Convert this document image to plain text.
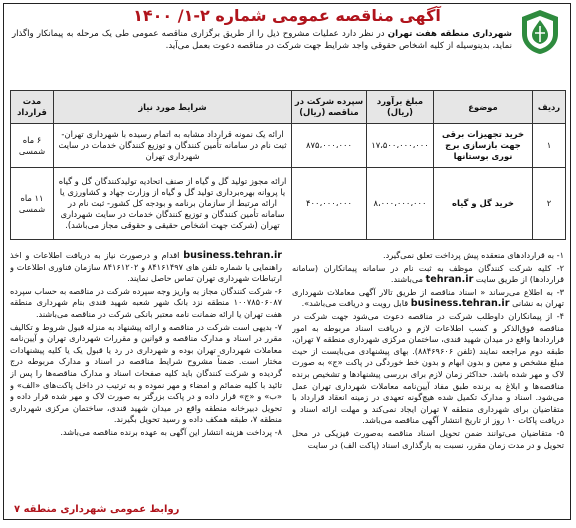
آگهی مناقصه عمومی شماره ۲-۱/ ۱۴۰۰
شهرداری منطقه هفت تهران در نظر دارد عملیات مشروح ذیل را از طریق برگزاری مناقصه عمومی طی یک مرحله به پیمانکار واگذار نماید، بدینوسیله از کلیه اشخاص حقوقی واجد شرایط جهت شرکت در مناقصه دعوت بعمل می‌آید.
ردیف	موضوع	مبلغ برآورد (ریال)	سپرده شرکت در مناقصه (ریال)	شرایط مورد نیاز	مدت قرارداد
۱	خرید تجهیزات برقی جهت بازسازی برج نوری بوستانها	۱۷،۵۰۰،۰۰۰،۰۰۰	۸۷۵،۰۰۰،۰۰۰	ارائه یک نمونه قرارداد مشابه به اتمام رسیده با شهرداری تهران- ثبت نام در سامانه تأمین کنندگان و توزیع کنندگان خدمات در سایت شهرداری تهران	۶ ماه شمسی
۲	خرید گل و گیاه	۸،۰۰۰،۰۰۰،۰۰۰	۴۰۰،۰۰۰،۰۰۰	ارائه مجوز تولید گل و گیاه از صنف اتحادیه تولیدکنندگان گل و گیاه یا پروانه بهره‌برداری تولید گل و گیاه از وزارت جهاد و کشاورزی یا ارائه مرتبط از سازمان برنامه و بودجه کل کشور- ثبت نام در سامانه تأمین کنندگان و توزیع کنندگان خدمات در سایت شهرداری تهران (شرکت جهت اشخاص حقیقی و حقوقی مجاز می‌باشد).	۱۱ ماه شمسی

۱- به قراردادهای منعقده پیش پرداخت تعلق نمی‌گیرد.

۲- کلیه شرکت کنندگان موظف به ثبت نام در سامانه پیمانکاران (سامانه قراردادها) از طریق سایت tehran.ir می‌باشند.

۳- به اطلاع می‌رساند « اسناد مناقصه از طریق تالار آگهی معاملات شهرداری تهران به نشانی business.tehran.ir قابل رویت و دریافت می‌باشد».

۴- از پیمانکاران داوطلب شرکت در مناقصه دعوت می‌شود جهت شرکت در مناقصه فوق‌الذکر و کسب اطلاعات لازم و دریافت اسناد مربوطه به امور قراردادها واقع در میدان شهید قندی، ساختمان مرکزی شهرداری منطقه ۷ تهران، طبقه دوم مراجعه نمایند (تلفن ۸۸۴۶۹۶۰۶). بهای پیشنهادی می‌بایست از حیث مبلغ مشخص و معین و بدون ابهام و بدون خط خوردگی در پاکت «ج» به صورت لاک و مهر شده باشد. حداکثر زمان لازم برای بررسی پیشنهادها و تشخیص برنده مناقصه‌ها و ابلاغ به برنده طبق مفاد آیین‌نامه معاملات شهرداری تهران عمل می‌شود. اسناد و مدارک تکمیل شده هیچ‌گونه تعهدی در زمینه انعقاد قرارداد با متقاضیان برای شهرداری منطقه ۷ تهران ایجاد نمی‌کند و مهلت ارائه اسناد و دریافت پاکات ۱۰ روز از تاریخ انتشار آگهی مناقصه می‌باشد.

۵- متقاضیان می‌توانند ضمن تحویل اسناد مناقصه به‌صورت فیزیکی در محل تحویل و در مدت زمان مقرر، نسبت به بارگذاری اسناد (پاکت الف) در سایت

business.tehran.ir اقدام و درصورت نیاز به دریافت اطلاعات و اخذ راهنمایی با شماره تلفن های ۸۴۱۶۱۴۹۷ و ۸۴۱۶۱۲۰۲ سازمان فناوری اطلاعات و ارتباطات شهرداری تهران تماس حاصل نمایند.

۶- شرکت کنندگان مجاز به واریز وجه سپرده شرکت در مناقصه به حساب سپرده ۱۰۰۷۸۵۰۶۰۸۷ منطقه نزد بانک شهر شعبه شهید قندی بنام شهرداری منطقه هفت تهران یا ارائه ضمانت نامه معتبر بانکی شرکت در مناقصه می‌باشند.

۷- بدیهی است شرکت در مناقصه و ارائه پیشنهاد به منزله قبول شروط و تکالیف مقرر در اسناد و مدارک مناقصه و قوانین و مقررات شهرداری تهران و آیین‌نامه معاملات شهرداری تهران بوده و شهرداری در رد یا قبول یک یا کلیه پیشنهادات مختار است. ضمناً مشروح شرایط مناقصه در اسناد و مدارک مربوطه درج گردیده و شرکت کنندگان باید کلیه صفحات اسناد و مدارک مناقصه‌ها را پس از تائید با کلیه ضمائم و امضاء و مهر نموده و به ترتیب در داخل پاکت‌های «الف» و «ب» و «ج» قرار داده و در پاکت بزرگتر به صورت لاک و مهر شده قرار داده و تحویل دبیرخانه منطقه واقع در میدان شهید قندی، ساختمان مرکزی شهرداری منطقه ۷، طبقه همکف داده و رسید تحویل بگیرند.

۸- پرداخت هزینه انتشار این آگهی به عهده برنده مناقصه می‌باشد.

روابط عمومی شهرداری منطقه ۷
